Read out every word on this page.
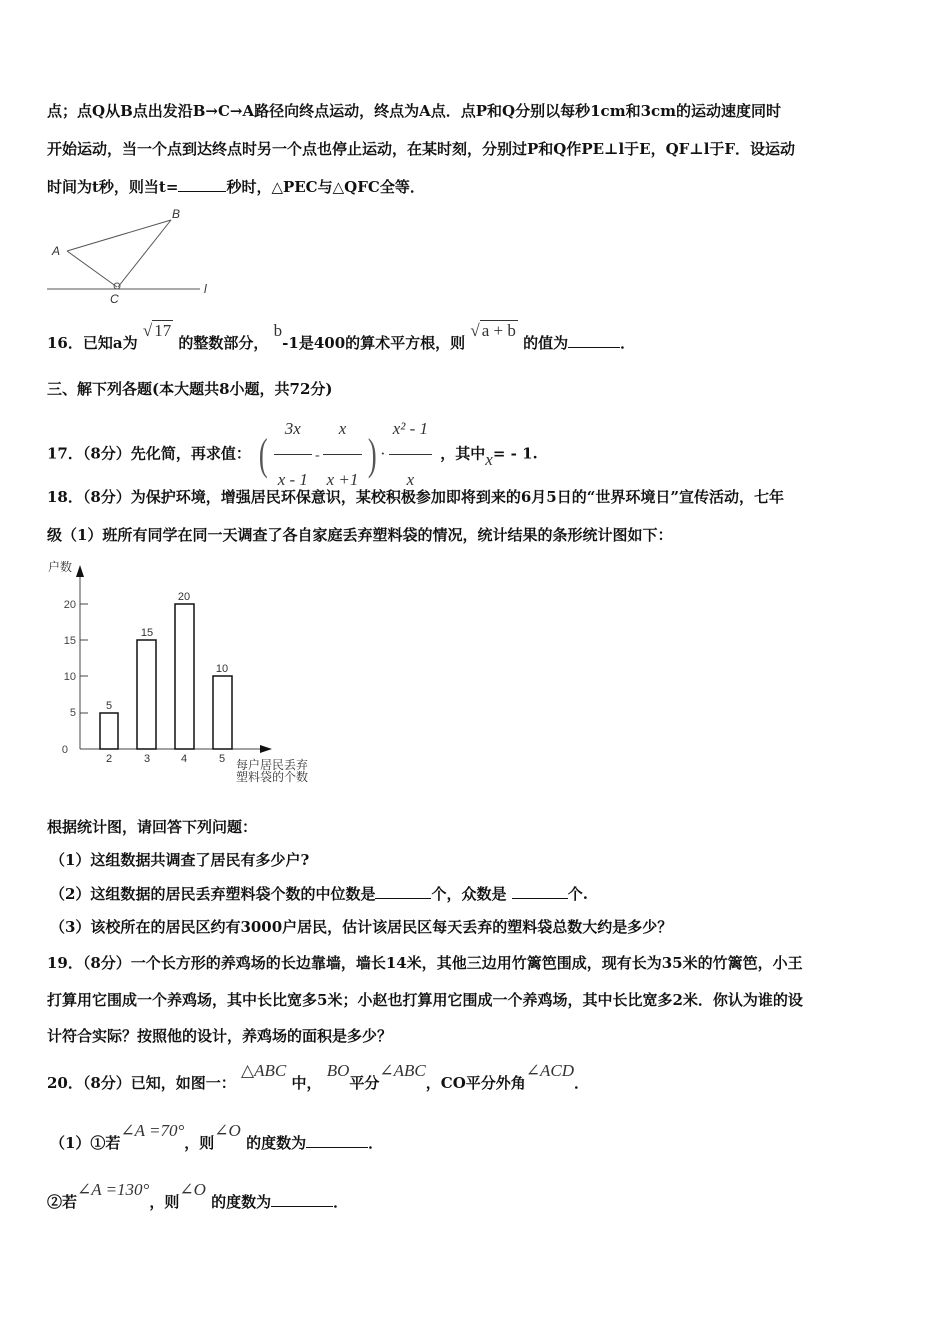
点；点Q从B点出发沿B→C→A路径向终点运动，终点为A点．点P和Q分别以每秒1cm和3cm的运动速度同时
开始运动，当一个点到达终点时另一个点也停止运动，在某时刻，分别过P和Q作PE⊥l于E，QF⊥l于F．设运动
时间为t秒，则当t=	秒时，△PEC与△QFC全等．
A
B
C
l
16．已知a为 √ 17 的整数部分， b-1是400的算术平方根，则 √ a + b 的值为	．
三、解下列各题(本大题共8小题，共72分)
17．（8分）先化简，再求值： ( $\frac{3x}{x - 1} - \frac{x}{x +1}$ ) · $\frac{\text{x² - 1}}{x}$ ，其中x= - 1.
18．（8分）为保护环境，增强居民环保意识，某校积极参加即将到来的6月5日的“世界环境日”宣传活动，七年
级（1）班所有同学在同一天调查了各自家庭丢弃塑料袋的情况，统计结果的条形统计图如下：
户数
0
5
10
15
20
5
15
20
10
2	3	4	5 每户居民丢弃
塑料袋的个数
根据统计图，请回答下列问题：
（1）这组数据共调查了居民有多少户?
（2）这组数据的居民丢弃塑料袋个数的中位数是	个，众数是	个.
（3）该校所在的居民区约有3000户居民，估计该居民区每天丢弃的塑料袋总数大约是多少？
19．（8分）一个长方形的养鸡场的长边靠墙，墙长14米，其他三边用竹篱笆围成，现有长为35米的竹篱笆，小王
打算用它围成一个养鸡场，其中长比宽多5米；小赵也打算用它围成一个养鸡场，其中长比宽多2米．你认为谁的设
计符合实际？按照他的设计，养鸡场的面积是多少？
20．（8分）已知，如图一： △ABC 中， BO平分∠ABC，CO平分外角∠ACD．
（1）①若∠A =70°，则∠O 的度数为	．
②若∠A =130°，则∠O 的度数为	．
